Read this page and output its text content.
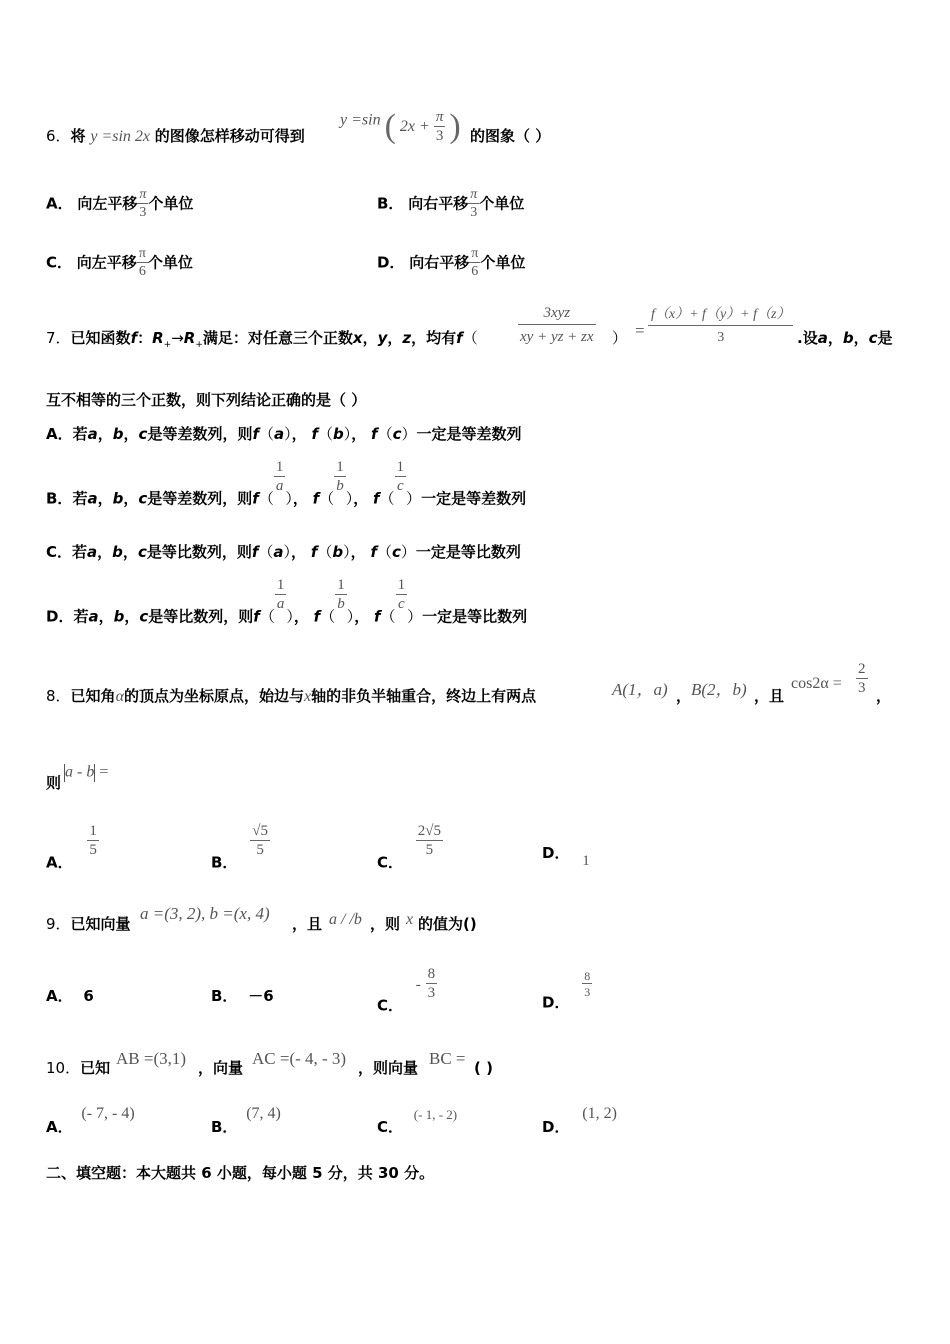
6．将 y =sin 2x 的图像怎样移动可得到
y =sin ( $2x + \frac{\pi}{3}$ ) 的图象（ ）
A． 向左平移 $\frac{\pi}{3}$ 个单位	B． 向右平移 $\frac{\pi}{3}$ 个单位
C． 向左平移 $\frac{\pi}{6}$ 个单位	D． 向右平移 $\frac{\pi}{6}$ 个单位
7．已知函数f：$R_+\to R_+$满足：对任意三个正数x，y，z，均有f（	$\frac{\text{3xyz}}{xy + yz + zx}$ ） = $\frac{f(x)+ f(y)+ f(z)}{3}$ .设a，b，c是
互不相等的三个正数，则下列结论正确的是（ ）
A．若a，b，c是等差数列，则f（a）， f（b）， f（c）一定是等差数列
B．若a，b，c是等差数列，则f（
$\frac{1}{a}$
）， f（
$\frac{1}{b}$
）， f（
$\frac{1}{c}$
）一定是等差数列
C．若a，b，c是等比数列，则f（a）， f（b）， f（c）一定是等比数列
D．若a，b，c是等比数列，则f（
$\frac{1}{a}$
）， f（
$\frac{1}{b}$
）， f（
$\frac{1}{c}$
）一定是等比数列
8．已知角α的顶点为坐标原点，始边与x轴的非负半轴重合，终边上有两点	A(1，a) ， B(2，b) ，且
$\cos 2\alpha = \frac{2}{3}$ ，
则
a - b =
A．
$\frac{1}{5}$
B．
$\frac{√5}{5}$
C．
$\frac{2√5}{5}$	D． 1
9．已知向量
a =(3, 2), b =(x, 4)
，且 a / /b ，则 x 的值为()
A． 6	B． －6
C． - $\frac{8}{3}$
D．
$\frac{8}{3}$
10．已知 AB =(3,1) ，向量 AC =(- 4, - 3) ，则向量 BC = ( )
A． (- 7, - 4)
B． (7, 4)
C． (- 1, - 2)
D． (1, 2)
二、填空题：本大题共 6 小题，每小题 5 分，共 30 分。
